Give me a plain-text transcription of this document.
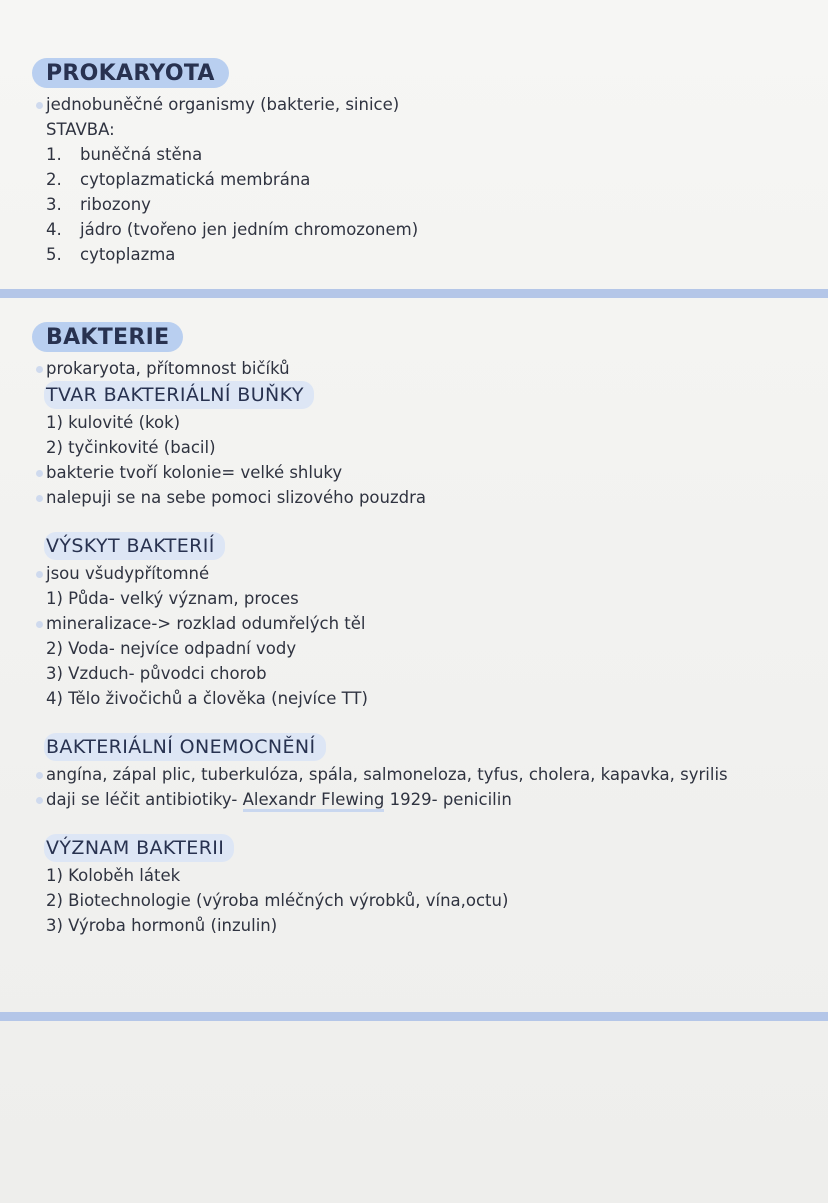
PROKARYOTA
jednobuněčné organismy (bakterie, sinice)
STAVBA:
1. buněčná stěna
2. cytoplazmatická membrána
3. ribozony
4. jádro (tvořeno jen jedním chromozonem)
5. cytoplazma
BAKTERIE
prokaryota, přítomnost bičíků
TVAR BAKTERIÁLNÍ BUŇKY
1) kulovité (kok)
2) tyčinkovité (bacil)
bakterie tvoří kolonie= velké shluky
nalepuji se na sebe pomoci slizového pouzdra
VÝSKYT BAKTERIÍ
jsou všudypřítomné
1) Půda- velký význam, proces
mineralizace-> rozklad odumřelých těl
2) Voda- nejvíce odpadní vody
3) Vzduch- původci chorob
4) Tělo živočichů a člověka (nejvíce TT)
BAKTERIÁLNÍ ONEMOCNĚNÍ
angína, zápal plic, tuberkulóza, spála, salmoneloza, tyfus, cholera, kapavka, syrilis
daji se léčit antibiotiky- Alexandr Flewing 1929- penicilin
VÝZNAM BAKTERII
1) Koloběh látek
2) Biotechnologie (výroba mléčných výrobků, vína,octu)
3) Výroba hormonů (inzulin)
